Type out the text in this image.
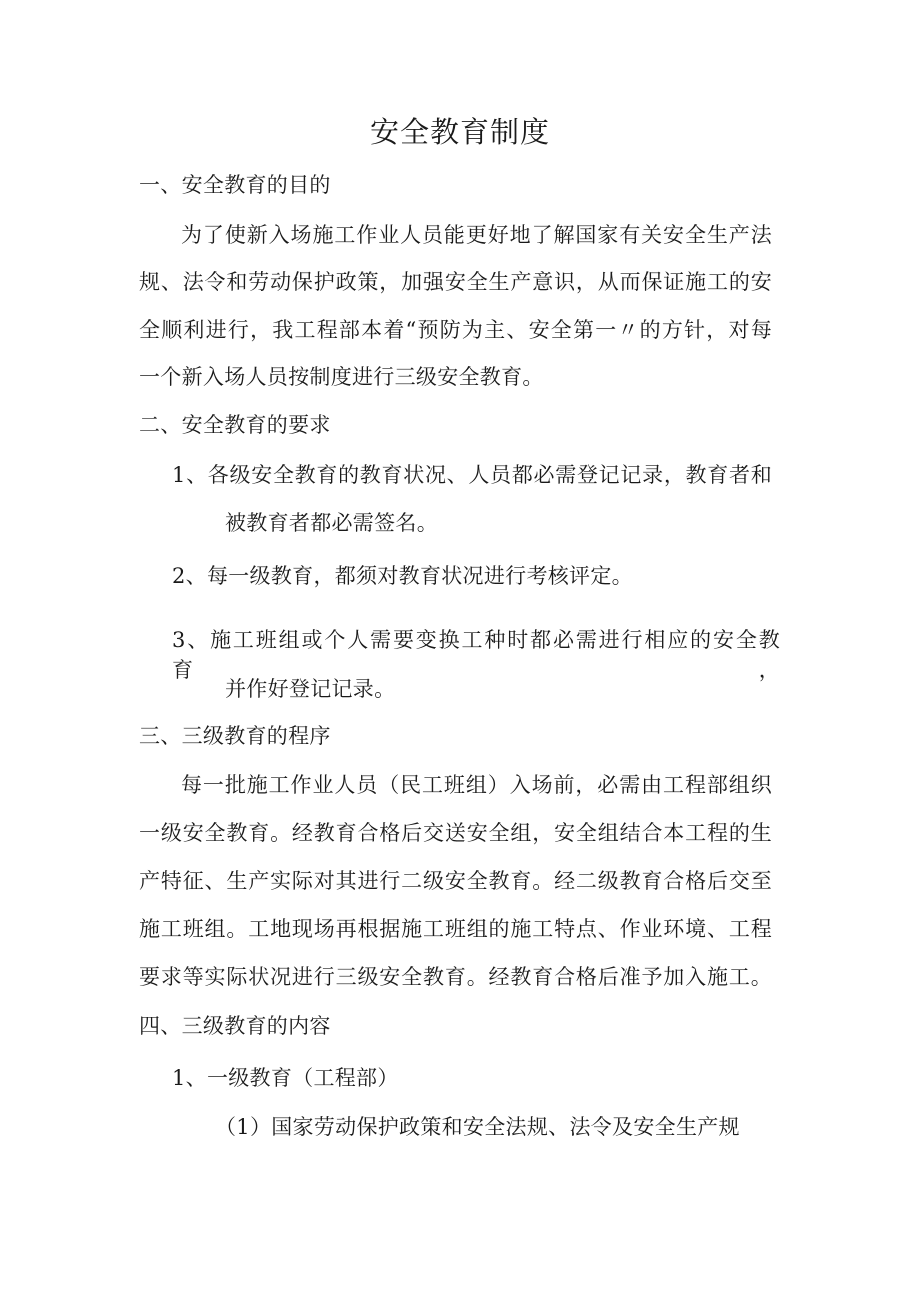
安全教育制度
一、安全教育的目的
为了使新入场施工作业人员能更好地了解国家有关安全生产法
规、法令和劳动保护政策，加强安全生产意识，从而保证施工的安
全顺利进行，我工程部本着“预防为主、安全第一〃的方针，对每
一个新入场人员按制度进行三级安全教育。
二、安全教育的要求
1、各级安全教育的教育状况、人员都必需登记记录，教育者和
被教育者都必需签名。
2、每一级教育，都须对教育状况进行考核评定。
3、施工班组或个人需要变换工种时都必需进行相应的安全教育，
并作好登记记录。
三、三级教育的程序
每一批施工作业人员（民工班组）入场前，必需由工程部组织
一级安全教育。经教育合格后交送安全组，安全组结合本工程的生
产特征、生产实际对其进行二级安全教育。经二级教育合格后交至
施工班组。工地现场再根据施工班组的施工特点、作业环境、工程
要求等实际状况进行三级安全教育。经教育合格后准予加入施工。
四、三级教育的内容
1、一级教育（工程部）
（1）国家劳动保护政策和安全法规、法令及安全生产规
